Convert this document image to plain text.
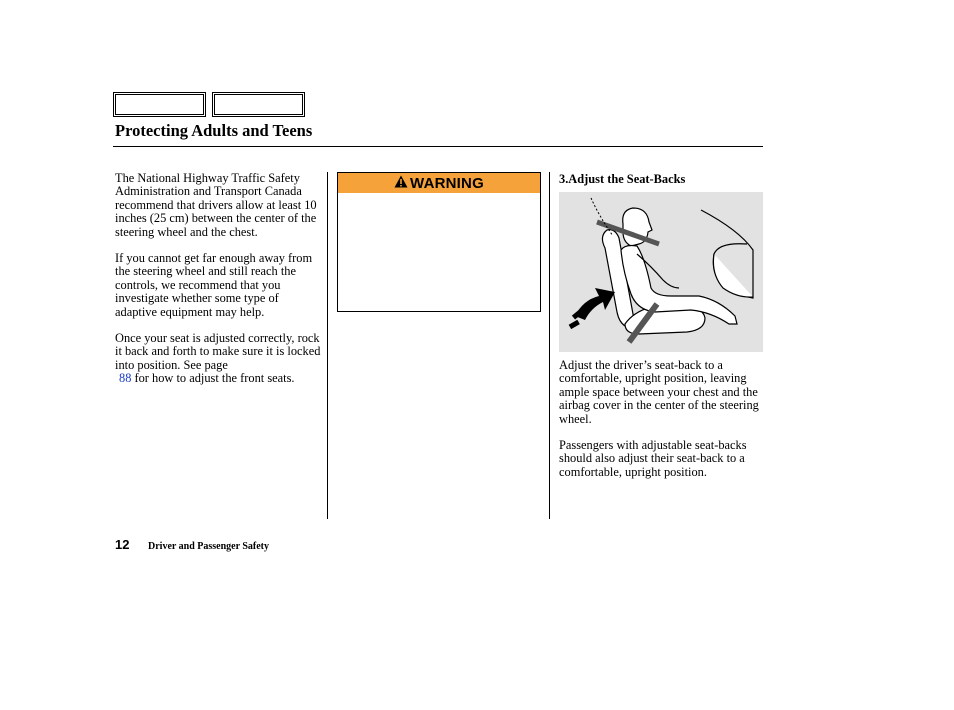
Protecting Adults and Teens

The National Highway Traffic Safety Administration and Transport Canada recommend that drivers allow at least 10 inches (25 cm) between the center of the steering wheel and the chest.

If you cannot get far enough away from the steering wheel and still reach the controls, we recommend that you investigate whether some type of adaptive equipment may help.

Once your seat is adjusted correctly, rock it back and forth to make sure it is locked into position. See page
88 for how to adjust the front seats.

WARNING	3.Adjust the Seat-Backs

Adjust the driver’s seat-back to a comfortable, upright position, leaving ample space between your chest and the airbag cover in the center of the steering wheel.

Passengers with adjustable seat-backs should also adjust their seat-back to a comfortable, upright position.

12 Driver and Passenger Safety
